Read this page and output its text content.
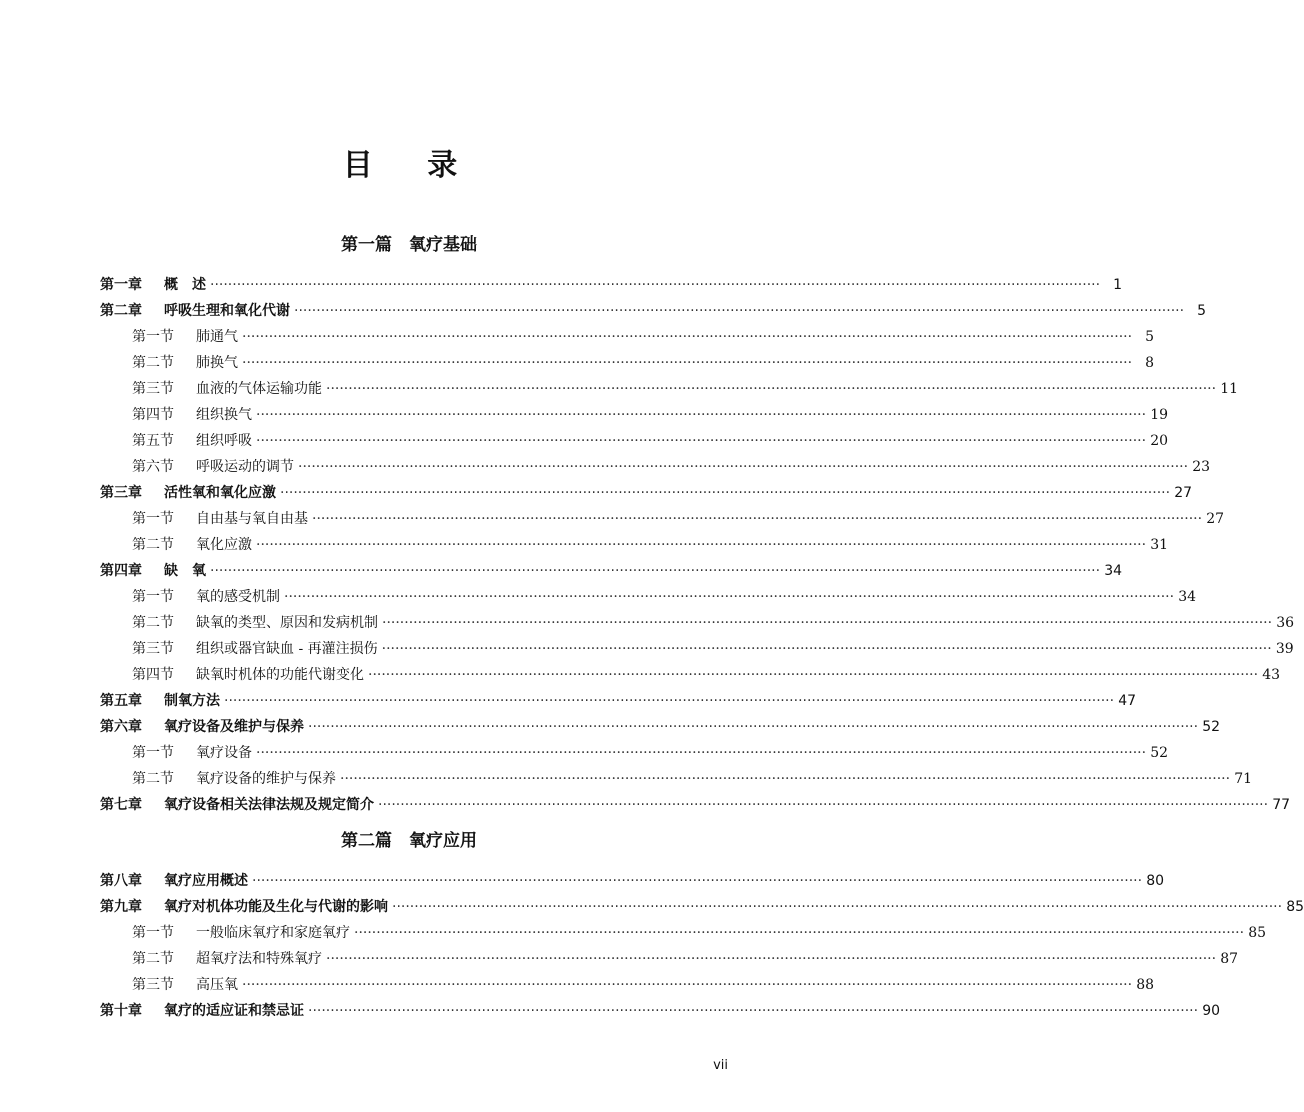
目 录
第一篇　氧疗基础
第一章	概　述 ········································································································································································································ 1
第二章	呼吸生理和氧化代谢 ········································································································································································································ 5
第一节	肺通气 ········································································································································································································ 5
第二节	肺换气 ········································································································································································································ 8
第三节	血液的气体运输功能 ········································································································································································································ 11
第四节	组织换气 ········································································································································································································ 19
第五节	组织呼吸 ········································································································································································································ 20
第六节	呼吸运动的调节 ········································································································································································································ 23
第三章	活性氧和氧化应激 ········································································································································································································ 27
第一节	自由基与氧自由基 ········································································································································································································ 27
第二节	氧化应激 ········································································································································································································ 31
第四章	缺　氧 ········································································································································································································ 34
第一节	氧的感受机制 ········································································································································································································ 34
第二节	缺氧的类型、原因和发病机制 ········································································································································································································ 36
第三节	组织或器官缺血 - 再灌注损伤 ········································································································································································································ 39
第四节	缺氧时机体的功能代谢变化 ········································································································································································································ 43
第五章	制氧方法 ········································································································································································································ 47
第六章	氧疗设备及维护与保养 ········································································································································································································ 52
第一节	氧疗设备 ········································································································································································································ 52
第二节	氧疗设备的维护与保养 ········································································································································································································ 71
第七章	氧疗设备相关法律法规及规定简介 ········································································································································································································ 77
第二篇　氧疗应用
第八章	氧疗应用概述 ········································································································································································································ 80
第九章	氧疗对机体功能及生化与代谢的影响 ········································································································································································································ 85
第一节	一般临床氧疗和家庭氧疗 ········································································································································································································ 85
第二节	超氧疗法和特殊氧疗 ········································································································································································································ 87
第三节	高压氧 ········································································································································································································ 88
第十章	氧疗的适应证和禁忌证 ········································································································································································································ 90
vii
